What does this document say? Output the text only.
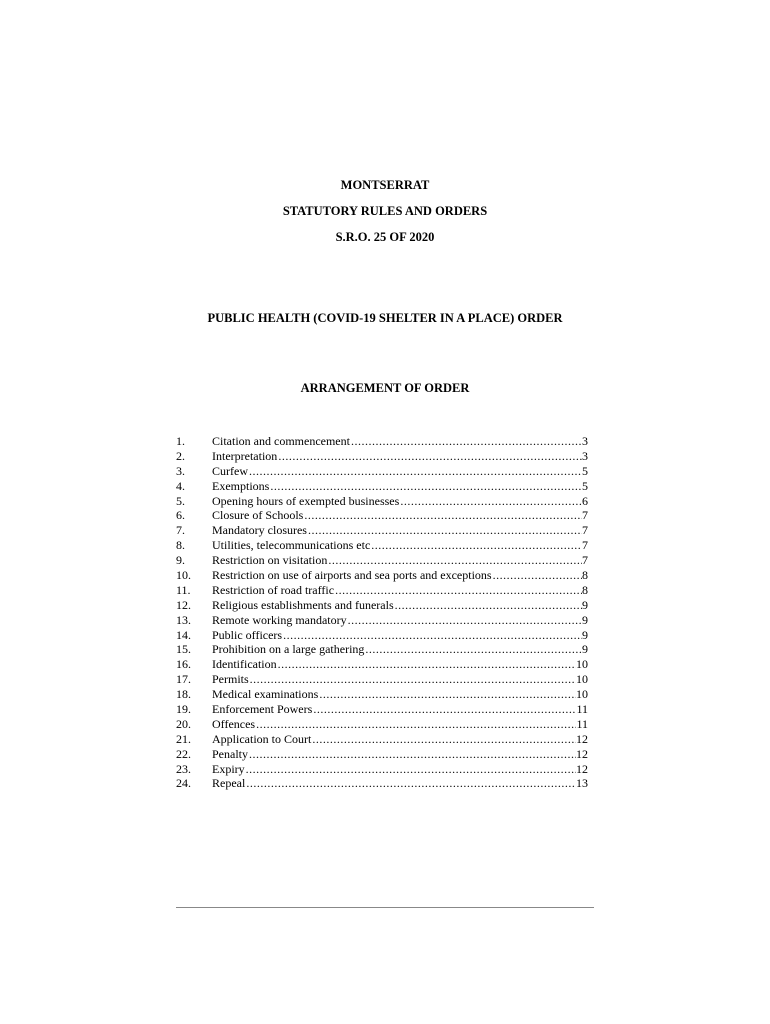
MONTSERRAT
STATUTORY RULES AND ORDERS
S.R.O. 25 OF 2020
PUBLIC HEALTH (COVID-19 SHELTER IN A PLACE) ORDER
ARRANGEMENT OF ORDER
1.	Citation and commencement .....	3
2.	Interpretation .....	3
3.	Curfew .....	5
4.	Exemptions .....	5
5.	Opening hours of exempted businesses .....	6
6.	Closure of Schools .....	7
7.	Mandatory closures .....	7
8.	Utilities, telecommunications etc .....	7
9.	Restriction on visitation .....	7
10.	Restriction on use of airports and sea ports and exceptions .....	8
11.	Restriction of road traffic .....	8
12.	Religious establishments and funerals .....	9
13.	Remote working mandatory .....	9
14.	Public officers .....	9
15.	Prohibition on a large gathering .....	9
16.	Identification .....	10
17.	Permits .....	10
18.	Medical examinations .....	10
19.	Enforcement Powers .....	11
20.	Offences .....	11
21.	Application to Court .....	12
22.	Penalty .....	12
23.	Expiry .....	12
24.	Repeal .....	13
